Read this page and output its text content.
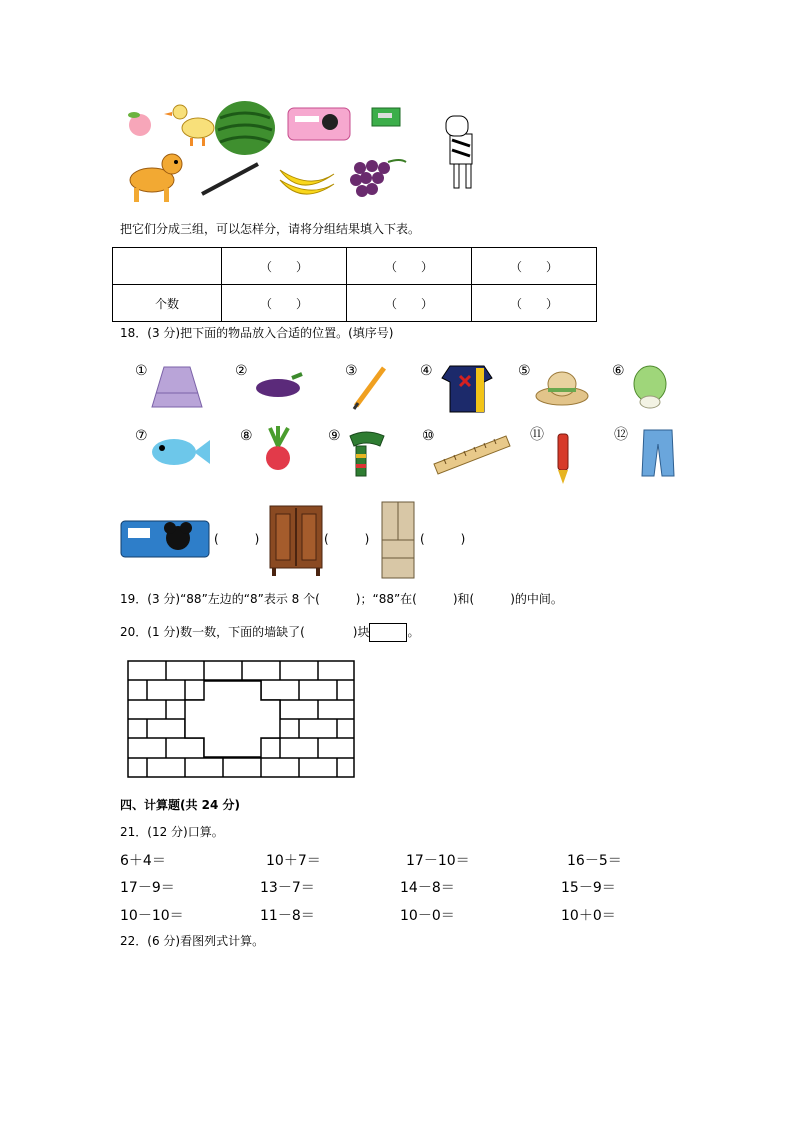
把它们分成三组，可以怎样分，请将分组结果填入下表。
	（　　）	（　　）	（　　）
个数	（　　）	（　　）	（　　）
18．(3 分)把下面的物品放入合适的位置。(填序号)
①	②	③	④	⑤	⑥
⑦	⑧	⑨	⑩	⑪	⑫
(　　　)	(　　　)	(　　　)
19．(3 分)“88”左边的“8”表示 8 个(　　　)；“88”在(　　　)和(　　　)的中间。
20．(1 分)数一数，下面的墙缺了(　　　　)块	。
四、计算题(共 24 分)
21．(12 分)口算。
6＋4＝	10＋7＝	17－10＝	16－5＝
17－9＝	13－7＝	14－8＝	15－9＝
10－10＝	11－8＝	10－0＝	10＋0＝
22．(6 分)看图列式计算。
